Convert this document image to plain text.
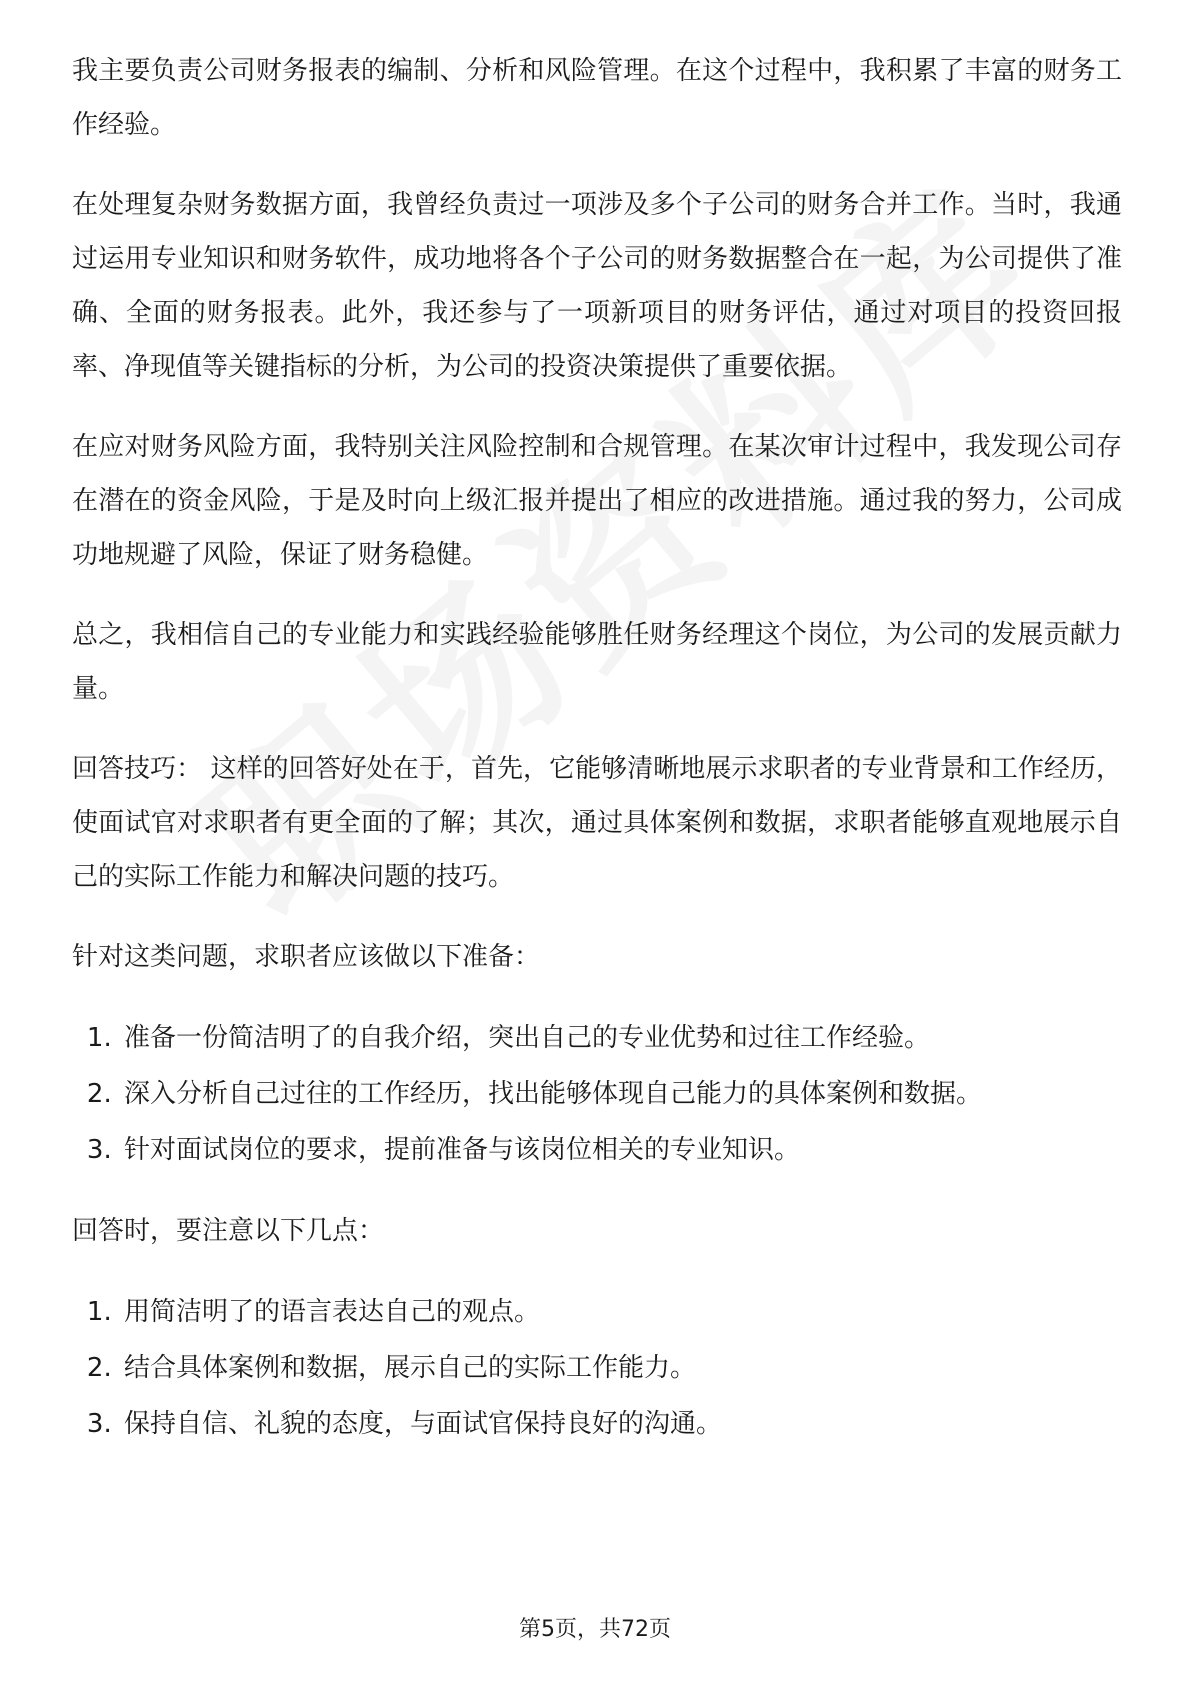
我主要负责公司财务报表的编制、分析和风险管理。在这个过程中，我积累了丰富的财务工作经验。

在处理复杂财务数据方面，我曾经负责过一项涉及多个子公司的财务合并工作。当时，我通过运用专业知识和财务软件，成功地将各个子公司的财务数据整合在一起，为公司提供了准确、全面的财务报表。此外，我还参与了一项新项目的财务评估，通过对项目的投资回报率、净现值等关键指标的分析，为公司的投资决策提供了重要依据。

在应对财务风险方面，我特别关注风险控制和合规管理。在某次审计过程中，我发现公司存在潜在的资金风险，于是及时向上级汇报并提出了相应的改进措施。通过我的努力，公司成功地规避了风险，保证了财务稳健。

总之，我相信自己的专业能力和实践经验能够胜任财务经理这个岗位，为公司的发展贡献力量。

回答技巧： 这样的回答好处在于，首先，它能够清晰地展示求职者的专业背景和工作经历，使面试官对求职者有更全面的了解；其次，通过具体案例和数据，求职者能够直观地展示自己的实际工作能力和解决问题的技巧。

针对这类问题，求职者应该做以下准备：

1. 准备一份简洁明了的自我介绍，突出自己的专业优势和过往工作经验。
2. 深入分析自己过往的工作经历，找出能够体现自己能力的具体案例和数据。
3. 针对面试岗位的要求，提前准备与该岗位相关的专业知识。

回答时，要注意以下几点：

1. 用简洁明了的语言表达自己的观点。
2. 结合具体案例和数据，展示自己的实际工作能力。
3. 保持自信、礼貌的态度，与面试官保持良好的沟通。
第5页，共72页
